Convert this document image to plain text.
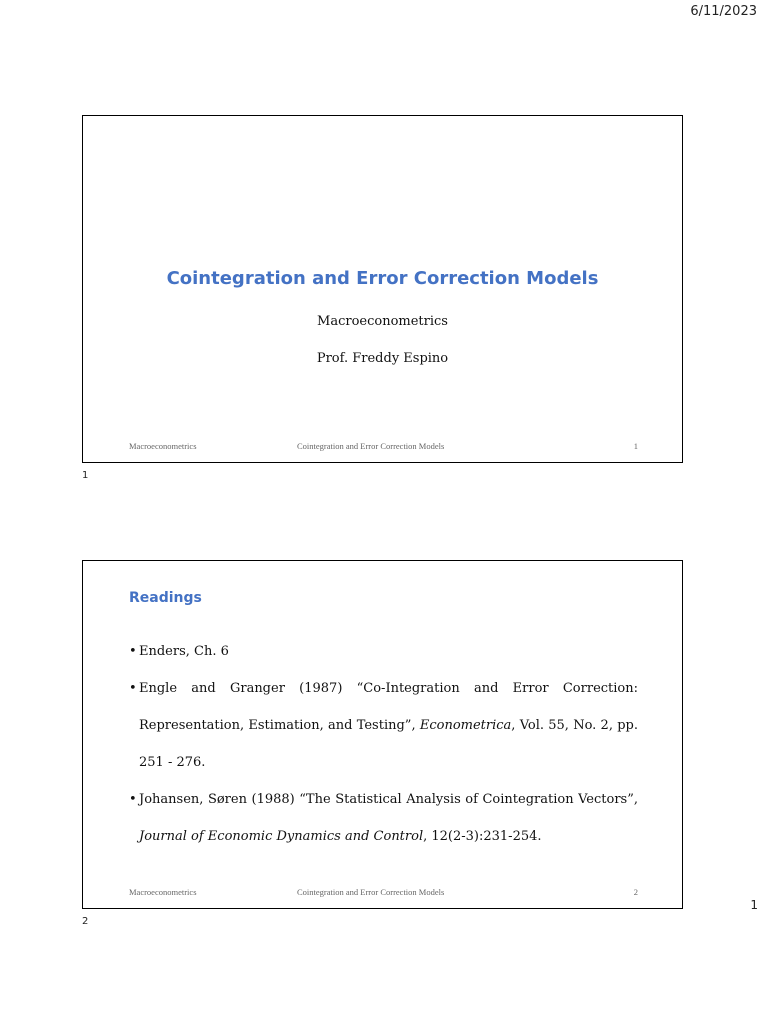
6/11/2023
Cointegration and Error Correction Models
Macroeconometrics
Prof. Freddy Espino
Macroeconometrics	Cointegration and Error Correction Models	1
1
Readings
• Enders, Ch. 6
• Engle and Granger (1987) “Co-Integration and Error Correction: Representation, Estimation, and Testing”, Econometrica, Vol. 55, No. 2, pp. 251 - 276.
• Johansen, Søren (1988) “The Statistical Analysis of Cointegration Vectors”, Journal of Economic Dynamics and Control, 12(2-3):231-254.
Macroeconometrics	Cointegration and Error Correction Models	2
2
1
